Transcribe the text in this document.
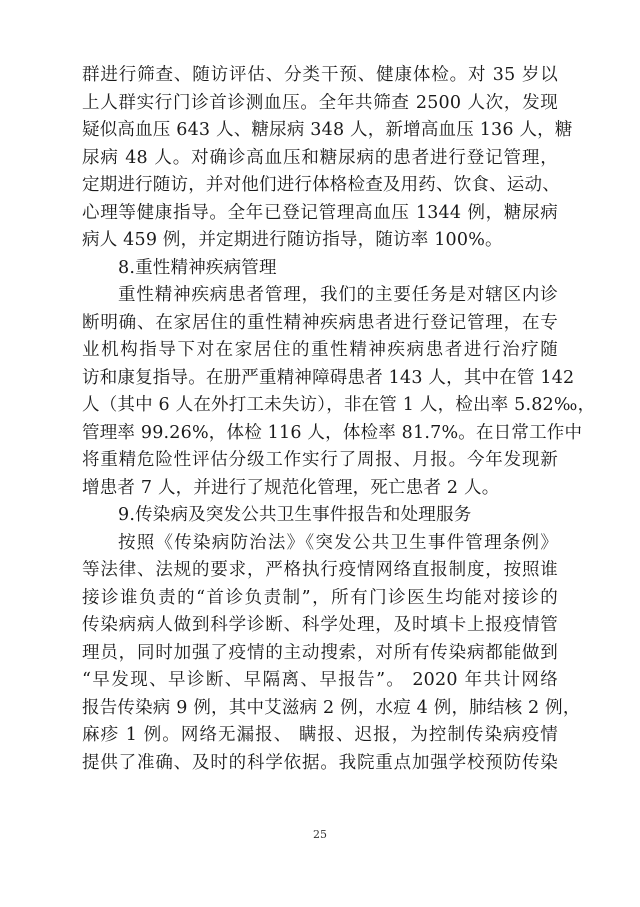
群进行筛查、随访评估、分类干预、健康体检。对 35 岁以
上人群实行门诊首诊测血压。全年共筛查 2500 人次，发现
疑似高血压 643 人、糖尿病 348 人，新增高血压 136 人，糖
尿病 48 人。对确诊高血压和糖尿病的患者进行登记管理，
定期进行随访，并对他们进行体格检查及用药、饮食、运动、
心理等健康指导。全年已登记管理高血压 1344 例，糖尿病
病人 459 例，并定期进行随访指导，随访率 100%。
8.重性精神疾病管理
重性精神疾病患者管理，我们的主要任务是对辖区内诊
断明确、在家居住的重性精神疾病患者进行登记管理，在专
业机构指导下对在家居住的重性精神疾病患者进行治疗随
访和康复指导。在册严重精神障碍患者 143 人，其中在管 142
人（其中 6 人在外打工未失访），非在管 1 人，检出率 5.82‰，
管理率 99.26%，体检 116 人，体检率 81.7%。在日常工作中
将重精危险性评估分级工作实行了周报、月报。今年发现新
增患者 7 人，并进行了规范化管理，死亡患者 2 人。
9.传染病及突发公共卫生事件报告和处理服务
按照《传染病防治法》《突发公共卫生事件管理条例》
等法律、法规的要求，严格执行疫情网络直报制度，按照谁
接诊谁负责的“首诊负责制”，所有门诊医生均能对接诊的
传染病病人做到科学诊断、科学处理，及时填卡上报疫情管
理员，同时加强了疫情的主动搜索，对所有传染病都能做到
“早发现、早诊断、早隔离、早报告”。 2020 年共计网络
报告传染病 9 例，其中艾滋病 2 例，水痘 4 例，肺结核 2 例，
麻疹 1 例。网络无漏报、 瞒报、迟报，为控制传染病疫情
提供了准确、及时的科学依据。我院重点加强学校预防传染
25
